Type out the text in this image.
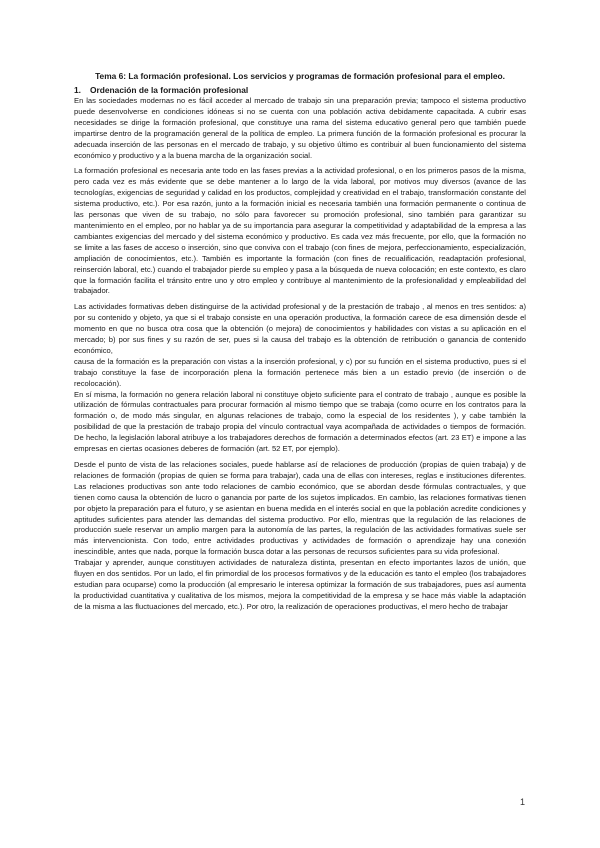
Tema 6: La formación profesional. Los servicios y programas de formación profesional para el empleo.
1. Ordenación de la formación profesional

En las sociedades modernas no es fácil acceder al mercado de trabajo sin una preparación previa; tampoco el sistema productivo puede desenvolverse en condiciones idóneas si no se cuenta con una población activa debidamente capacitada. A cubrir esas necesidades se dirige la formación profesional, que constituye una rama del sistema educativo general pero que también puede impartirse dentro de la programación general de la política de empleo. La primera función de la formación profesional es procurar la adecuada inserción de las personas en el mercado de trabajo, y su objetivo último es contribuir al buen funcionamiento del sistema económico y productivo y a la buena marcha de la organización social.

La formación profesional es necesaria ante todo en las fases previas a la actividad profesional, o en los primeros pasos de la misma, pero cada vez es más evidente que se debe mantener a lo largo de la vida laboral, por motivos muy diversos (avance de las tecnologías, exigencias de seguridad y calidad en los productos, complejidad y creatividad en el trabajo, transformación constante del sistema productivo, etc.). Por esa razón, junto a la formación inicial es necesaria también una formación permanente o continua de las personas que viven de su trabajo, no sólo para favorecer su promoción profesional, sino también para garantizar su mantenimiento en el empleo, por no hablar ya de su importancia para asegurar la competitividad y adaptabilidad de la empresa a las cambiantes exigencias del mercado y del sistema económico y productivo. Es cada vez más frecuente, por ello, que la formación no se limite a las fases de acceso o inserción, sino que conviva con el trabajo (con fines de mejora, perfeccionamiento, especialización, ampliación de conocimientos, etc.). También es importante la formación (con fines de recualificación, readaptación profesional, reinserción laboral, etc.) cuando el trabajador pierde su empleo y pasa a la búsqueda de nueva colocación; en este contexto, es claro que la formación facilita el tránsito entre uno y otro empleo y contribuye al mantenimiento de la profesionalidad y empleabilidad del trabajador.

Las actividades formativas deben distinguirse de la actividad profesional y de la prestación de trabajo , al menos en tres sentidos: a) por su contenido y objeto, ya que si el trabajo consiste en una operación productiva, la formación carece de esa dimensión desde el momento en que no busca otra cosa que la obtención (o mejora) de conocimientos y habilidades con vistas a su aplicación en el mercado; b) por sus fines y su razón de ser, pues si la causa del trabajo es la obtención de retribución o ganancia de contenido económico,

causa de la formación es la preparación con vistas a la inserción profesional, y c) por su función en el sistema productivo, pues si el trabajo constituye la fase de incorporación plena la formación pertenece más bien a un estadio previo (de inserción o de recolocación).

En sí misma, la formación no genera relación laboral ni constituye objeto suficiente para el contrato de trabajo , aunque es posible la utilización de fórmulas contractuales para procurar formación al mismo tiempo que se trabaja (como ocurre en los contratos para la formación o, de modo más singular, en algunas relaciones de trabajo, como la especial de los residentes ), y cabe también la posibilidad de que la prestación de trabajo propia del vínculo contractual vaya acompañada de actividades o tiempos de formación. De hecho, la legislación laboral atribuye a los trabajadores derechos de formación a determinados efectos (art. 23 ET) e impone a las empresas en ciertas ocasiones deberes de formación (art. 52 ET, por ejemplo).

Desde el punto de vista de las relaciones sociales, puede hablarse así de relaciones de producción (propias de quien trabaja) y de relaciones de formación (propias de quien se forma para trabajar), cada una de ellas con intereses, reglas e instituciones diferentes. Las relaciones productivas son ante todo relaciones de cambio económico, que se abordan desde fórmulas contractuales, y que tienen como causa la obtención de lucro o ganancia por parte de los sujetos implicados. En cambio, las relaciones formativas tienen por objeto la preparación para el futuro, y se asientan en buena medida en el interés social en que la población acredite condiciones y aptitudes suficientes para atender las demandas del sistema productivo. Por ello, mientras que la regulación de las relaciones de producción suele reservar un amplio margen para la autonomía de las partes, la regulación de las actividades formativas suele ser más intervencionista. Con todo, entre actividades productivas y actividades de formación o aprendizaje hay una conexión inescindible, antes que nada, porque la formación busca dotar a las personas de recursos suficientes para su vida profesional.

Trabajar y aprender, aunque constituyen actividades de naturaleza distinta, presentan en efecto importantes lazos de unión, que fluyen en dos sentidos. Por un lado, el fin primordial de los procesos formativos y de la educación es tanto el empleo (los trabajadores estudian para ocuparse) como la producción (al empresario le interesa optimizar la formación de sus trabajadores, pues así aumenta la productividad cuantitativa y cualitativa de los mismos, mejora la competitividad de la empresa y se hace más viable la adaptación de la misma a las fluctuaciones del mercado, etc.). Por otro, la realización de operaciones productivas, el mero hecho de trabajar

1
